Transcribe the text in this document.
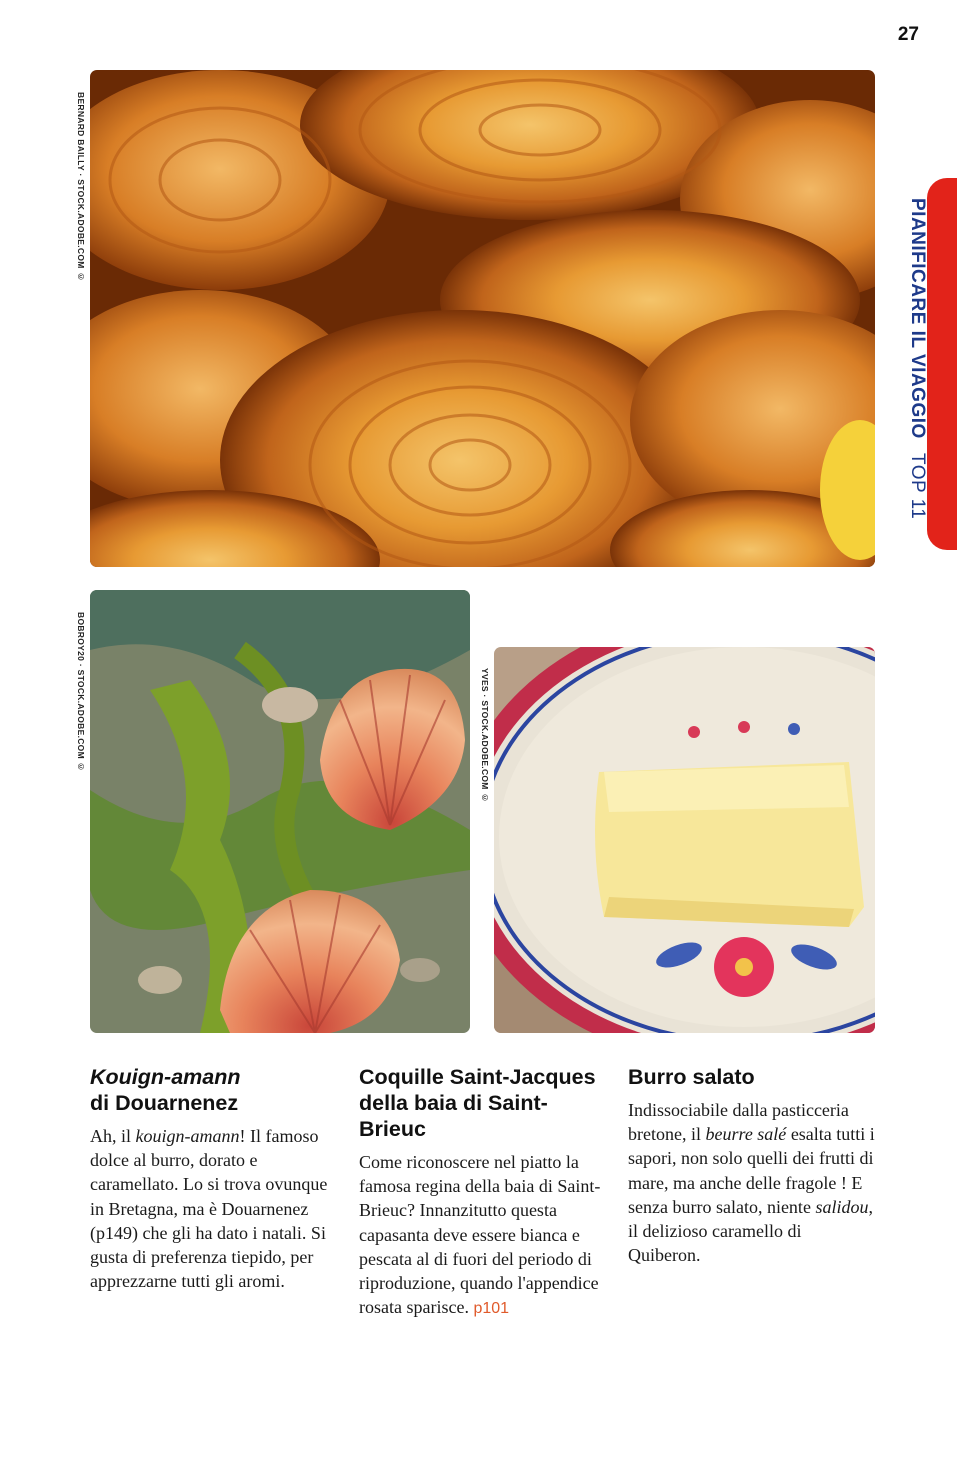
27
PIANIFICARE IL VIAGGIO TOP 11
BERNARD BAILLY · STOCK.ADOBE.COM ©
BOBROY20 · STOCK.ADOBE.COM ©	YVES · STOCK.ADOBE.COM ©
Kouign-amann
di Douarnenez

Ah, il kouign-amann! Il famoso dolce al burro, dorato e caramellato. Lo si trova ovunque in Bretagna, ma è Douarnenez (p149) che gli ha dato i natali. Si gusta di preferenza tiepido, per apprezzarne tutti gli aromi.

Coquille Saint-Jacques della baia di Saint-Brieuc

Come riconoscere nel piatto la famosa regina della baia di Saint-Brieuc? Innanzitutto questa capasanta deve essere bianca e pescata al di fuori del periodo di riproduzione, quando l'appendice rosata sparisce. p101

Burro salato

Indissociabile dalla pasticceria bretone, il beurre salé esalta tutti i sapori, non solo quelli dei frutti di mare, ma anche delle fragole ! E senza burro salato, niente salidou, il delizioso caramello di Quiberon.
